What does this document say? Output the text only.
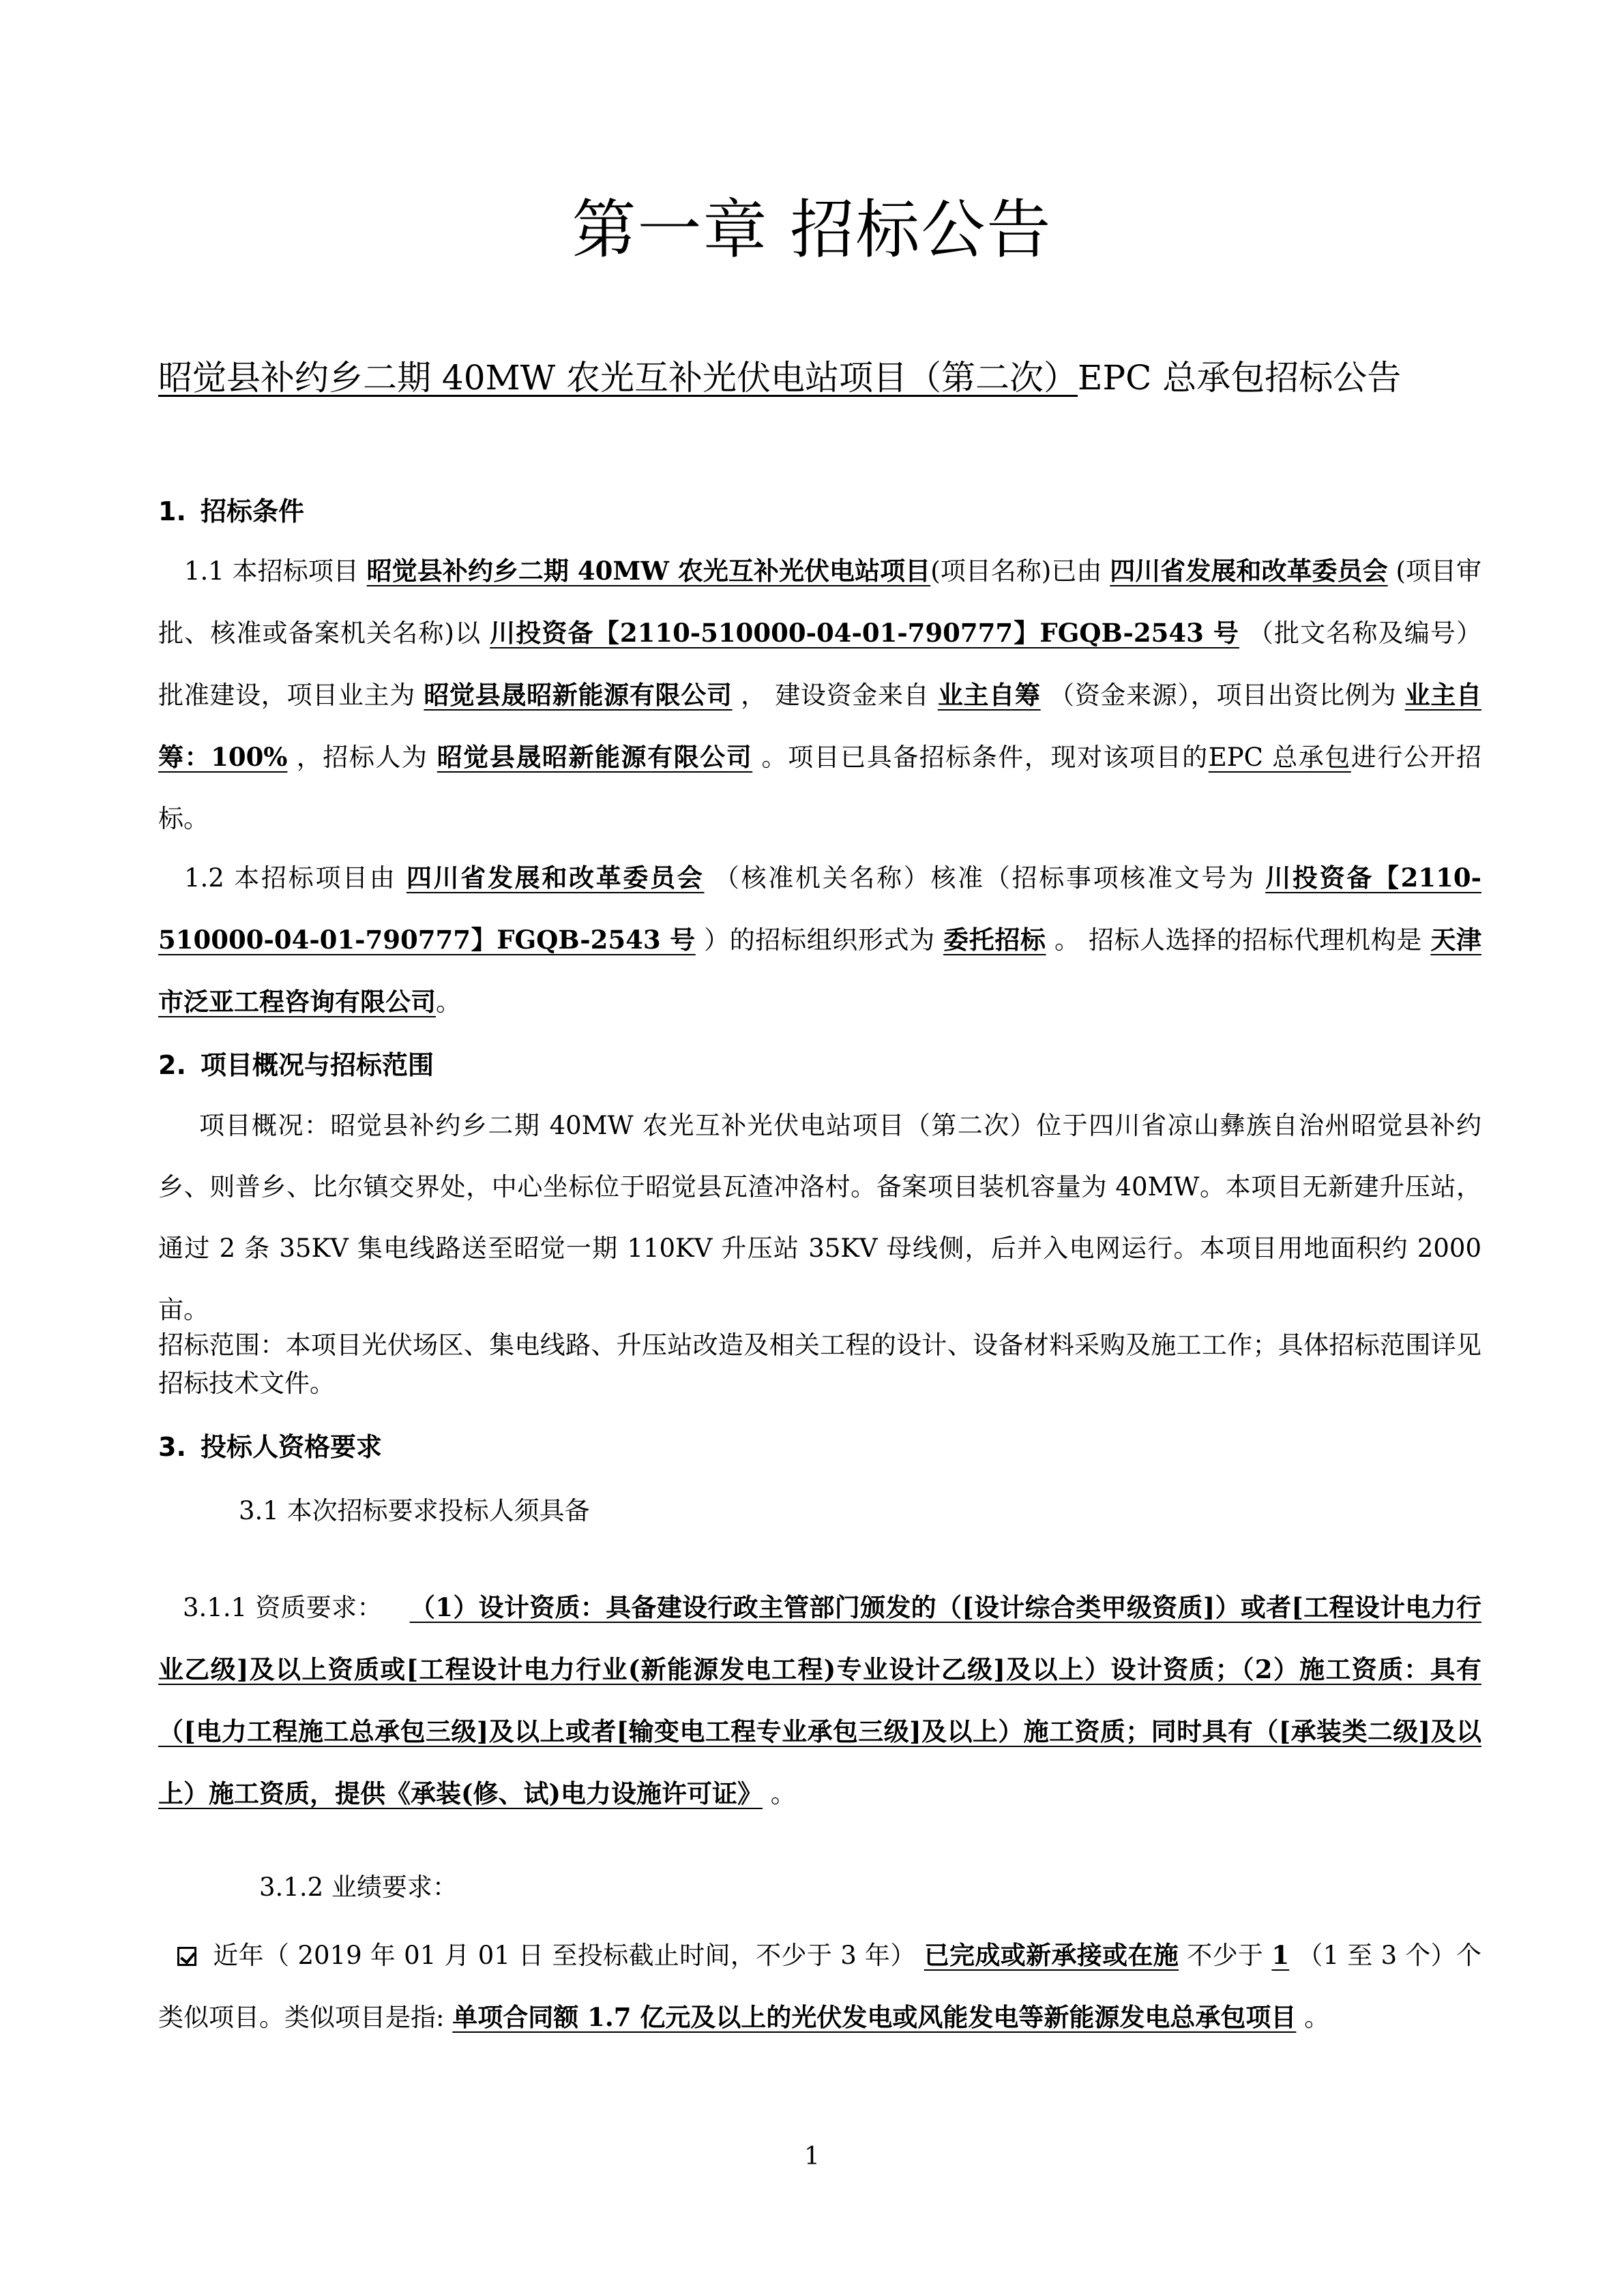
第一章 招标公告
昭觉县补约乡二期 40MW 农光互补光伏电站项目（第二次）EPC 总承包招标公告
1. 招标条件
1.1 本招标项目 昭觉县补约乡二期 40MW 农光互补光伏电站项目(项目名称)已由 四川省发展和改革委员会 (项目审批、核准或备案机关名称)以 川投资备【2110-510000-04-01-790777】FGQB-2543 号 （批文名称及编号）批准建设，项目业主为 昭觉县晟昭新能源有限公司 ， 建设资金来自 业主自筹 （资金来源），项目出资比例为 业主自筹：100% ，招标人为 昭觉县晟昭新能源有限公司 。项目已具备招标条件，现对该项目的EPC 总承包进行公开招标。
1.2 本招标项目由 四川省发展和改革委员会 （核准机关名称）核准（招标事项核准文号为 川投资备【2110-510000-04-01-790777】FGQB-2543 号 ）的招标组织形式为 委托招标 。 招标人选择的招标代理机构是 天津市泛亚工程咨询有限公司。
2. 项目概况与招标范围
项目概况：昭觉县补约乡二期 40MW 农光互补光伏电站项目（第二次）位于四川省凉山彝族自治州昭觉县补约乡、则普乡、比尔镇交界处，中心坐标位于昭觉县瓦渣冲洛村。备案项目装机容量为 40MW。本项目无新建升压站，通过 2 条 35KV 集电线路送至昭觉一期 110KV 升压站 35KV 母线侧，后并入电网运行。本项目用地面积约 2000 亩。
招标范围：本项目光伏场区、集电线路、升压站改造及相关工程的设计、设备材料采购及施工工作；具体招标范围详见招标技术文件。
3. 投标人资格要求
3.1 本次招标要求投标人须具备
3.1.1 资质要求： （1）设计资质：具备建设行政主管部门颁发的（[设计综合类甲级资质]）或者[工程设计电力行业乙级]及以上资质或[工程设计电力行业(新能源发电工程)专业设计乙级]及以上）设计资质；（2）施工资质：具有（[电力工程施工总承包三级]及以上或者[输变电工程专业承包三级]及以上）施工资质；同时具有（[承装类二级]及以上）施工资质，提供《承装(修、试)电力设施许可证》 。
3.1.2 业绩要求：
近年（ 2019 年 01 月 01 日 至投标截止时间，不少于 3 年） 已完成或新承接或在施 不少于 1 （1 至 3 个）个类似项目。类似项目是指: 单项合同额 1.7 亿元及以上的光伏发电或风能发电等新能源发电总承包项目 。
1
